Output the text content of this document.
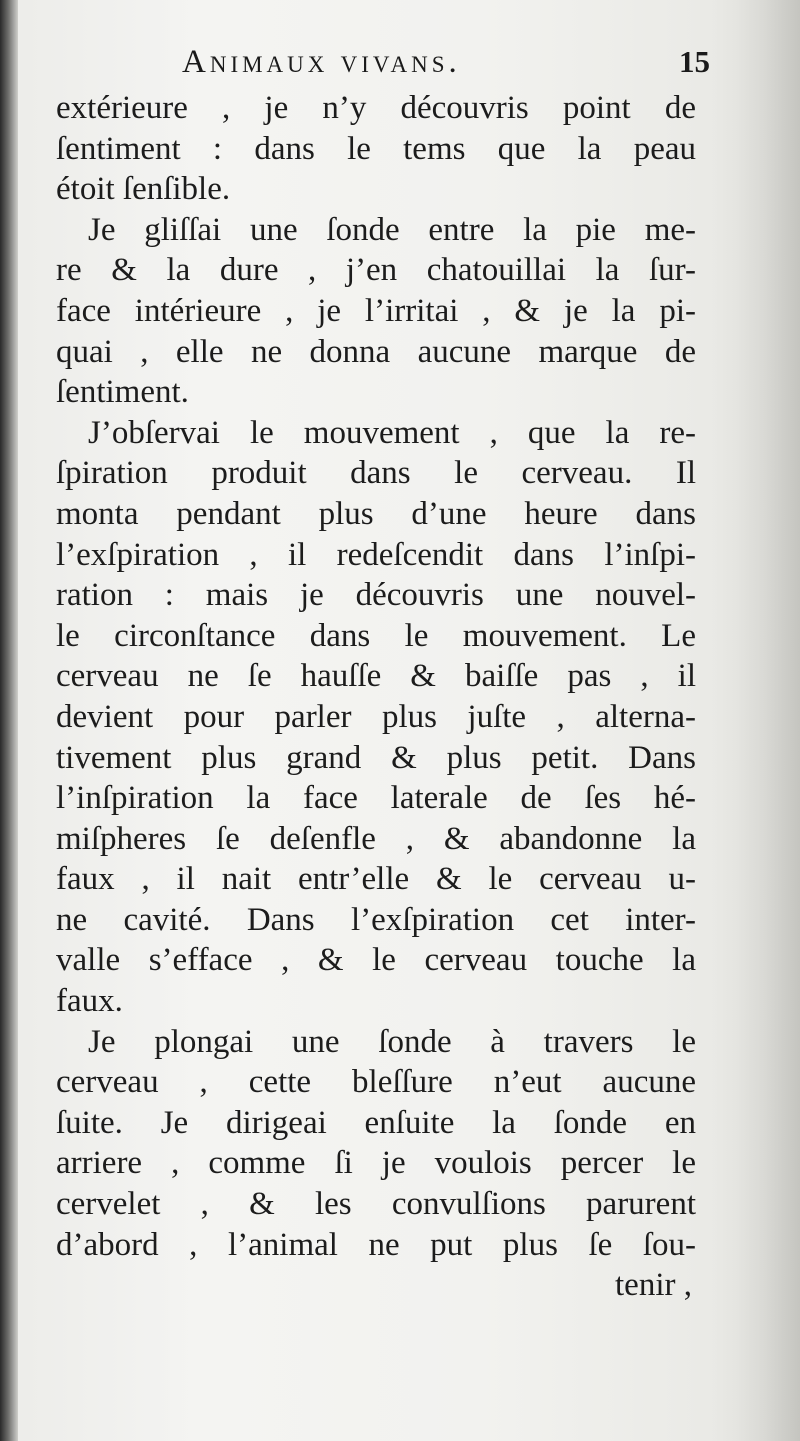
Animaux vivans.	15
extérieure , je n’y découvris point de
ſentiment : dans le tems que la peau
étoit ſenſible.
Je gliſſai une ſonde entre la pie me-
re & la dure , j’en chatouillai la ſur-
face intérieure , je l’irritai , & je la pi-
quai , elle ne donna aucune marque de
ſentiment.
J’obſervai le mouvement , que la re-
ſpiration produit dans le cerveau. Il
monta pendant plus d’une heure dans
l’exſpiration , il redeſcendit dans l’inſpi-
ration : mais je découvris une nouvel-
le circonſtance dans le mouvement. Le
cerveau ne ſe hauſſe & baiſſe pas , il
devient pour parler plus juſte , alterna-
tivement plus grand & plus petit. Dans
l’inſpiration la face laterale de ſes hé-
miſpheres ſe deſenfle , & abandonne la
faux , il nait entr’elle & le cerveau u-
ne cavité. Dans l’exſpiration cet inter-
valle s’efface , & le cerveau touche la
faux.
Je plongai une ſonde à travers le
cerveau , cette bleſſure n’eut aucune
ſuite. Je dirigeai enſuite la ſonde en
arriere , comme ſi je voulois percer le
cervelet , & les convulſions parurent
d’abord , l’animal ne put plus ſe ſou-
tenir ,
